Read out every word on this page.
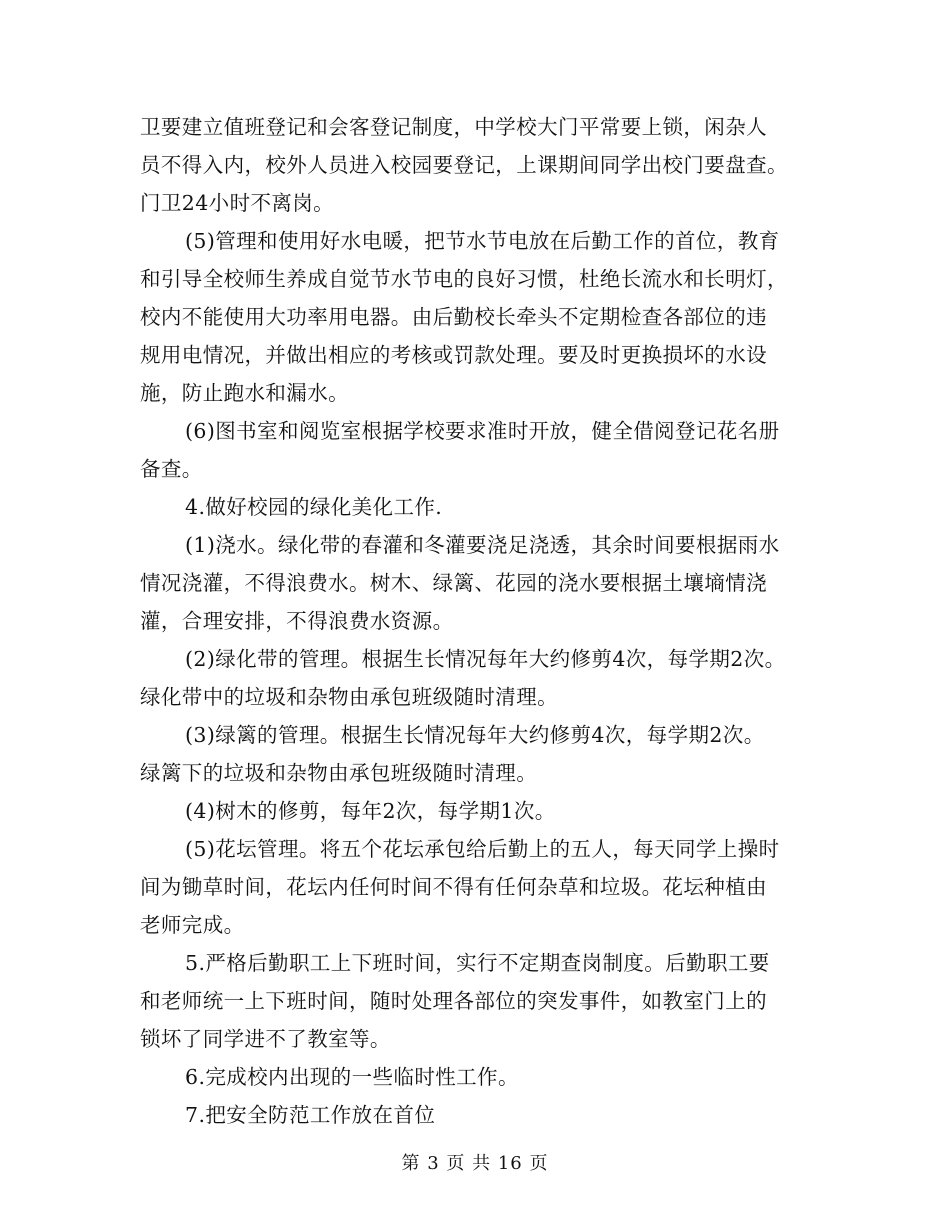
卫要建立值班登记和会客登记制度，中学校大门平常要上锁，闲杂人
员不得入内，校外人员进入校园要登记，上课期间同学出校门要盘查。
门卫24小时不离岗。
(5)管理和使用好水电暖，把节水节电放在后勤工作的首位，教育
和引导全校师生养成自觉节水节电的良好习惯，杜绝长流水和长明灯，
校内不能使用大功率用电器。由后勤校长牵头不定期检查各部位的违
规用电情况，并做出相应的考核或罚款处理。要及时更换损坏的水设
施，防止跑水和漏水。
(6)图书室和阅览室根据学校要求准时开放，健全借阅登记花名册
备查。
4.做好校园的绿化美化工作.
(1)浇水。绿化带的春灌和冬灌要浇足浇透，其余时间要根据雨水
情况浇灌，不得浪费水。树木、绿篱、花园的浇水要根据土壤墒情浇
灌，合理安排，不得浪费水资源。
(2)绿化带的管理。根据生长情况每年大约修剪4次，每学期2次。
绿化带中的垃圾和杂物由承包班级随时清理。
(3)绿篱的管理。根据生长情况每年大约修剪4次，每学期2次。
绿篱下的垃圾和杂物由承包班级随时清理。
(4)树木的修剪，每年2次，每学期1次。
(5)花坛管理。将五个花坛承包给后勤上的五人，每天同学上操时
间为锄草时间，花坛内任何时间不得有任何杂草和垃圾。花坛种植由
老师完成。
5.严格后勤职工上下班时间，实行不定期查岗制度。后勤职工要
和老师统一上下班时间，随时处理各部位的突发事件，如教室门上的
锁坏了同学进不了教室等。
6.完成校内出现的一些临时性工作。
7.把安全防范工作放在首位
第 3 页 共 16 页
